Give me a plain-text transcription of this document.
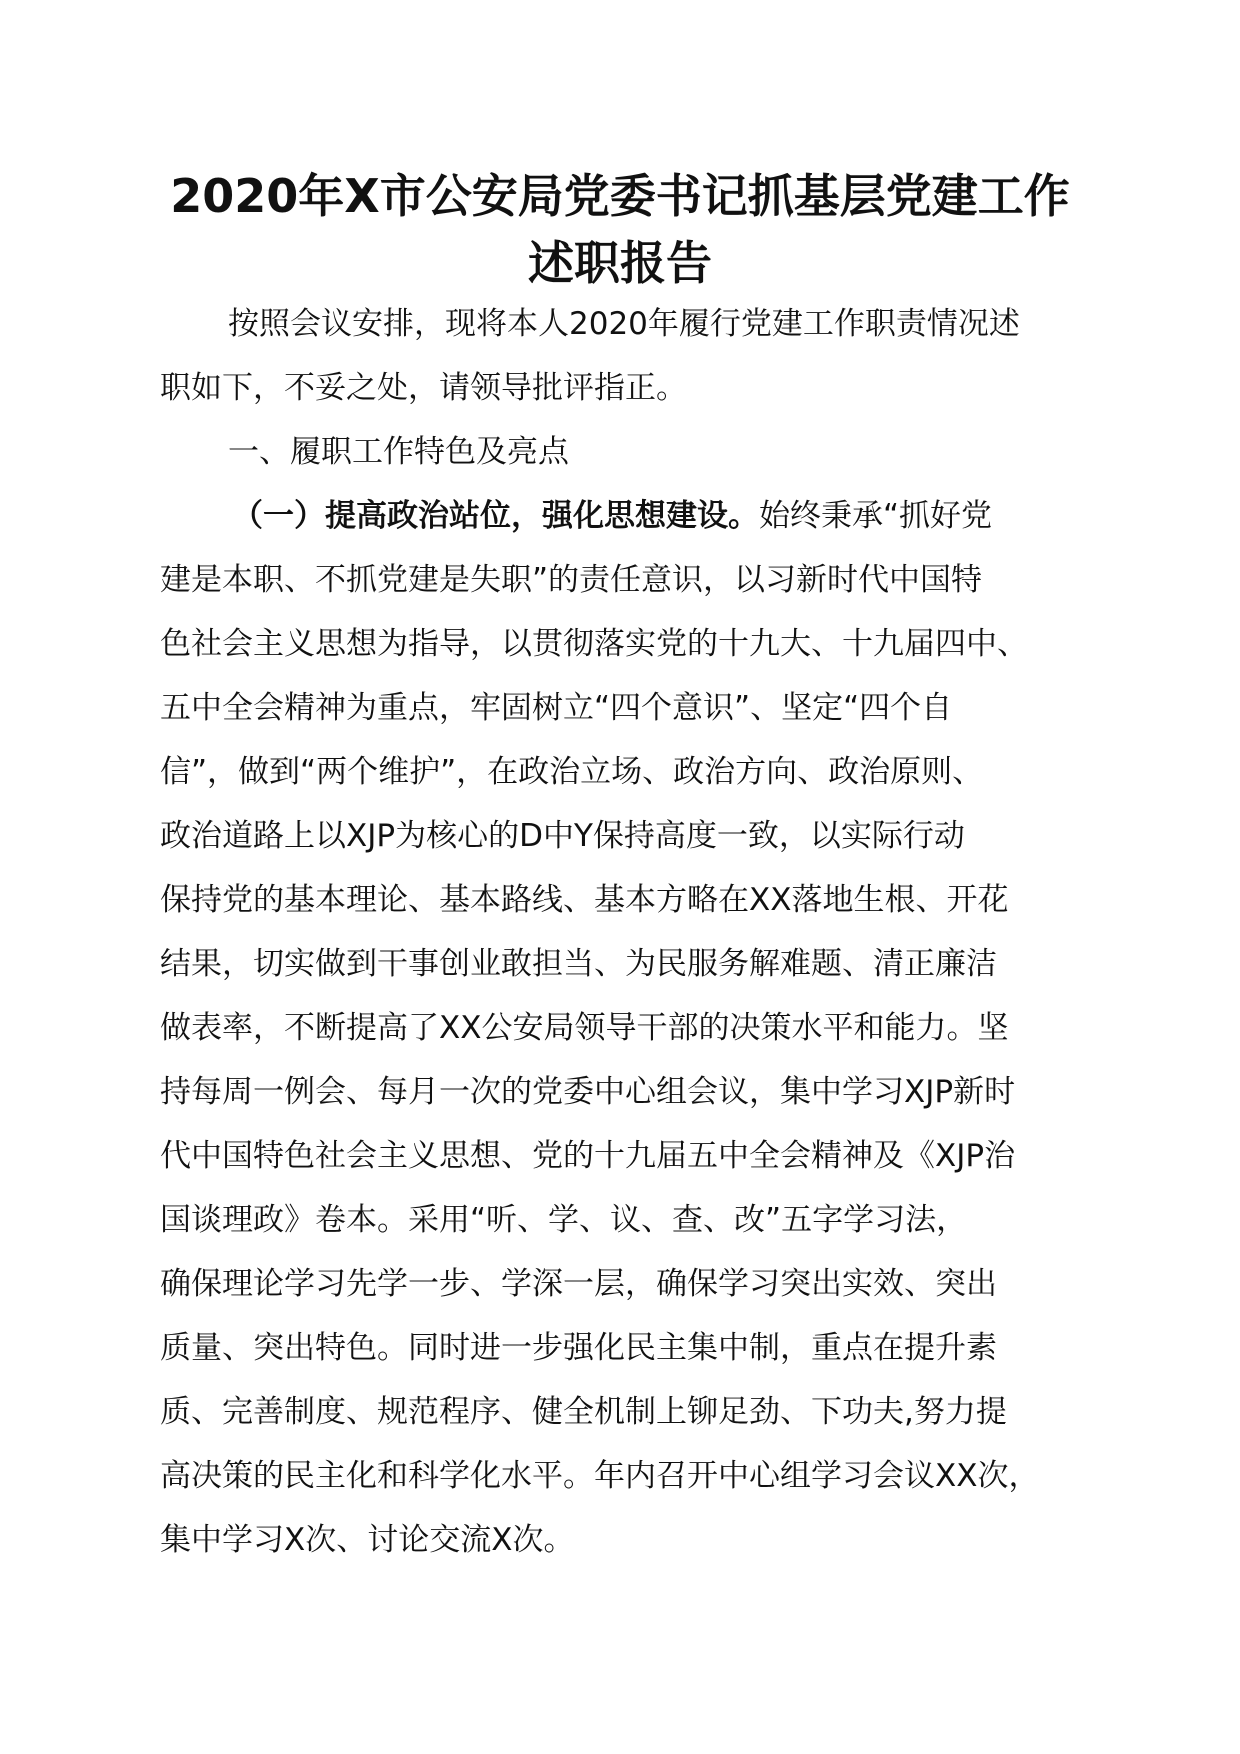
2020年X市公安局党委书记抓基层党建工作
述职报告
按照会议安排，现将本人2020年履行党建工作职责情况述
职如下，不妥之处，请领导批评指正。
一、履职工作特色及亮点
（一）提高政治站位，强化思想建设。始终秉承“抓好党
建是本职、不抓党建是失职”的责任意识，以习新时代中国特
色社会主义思想为指导，以贯彻落实党的十九大、十九届四中、
五中全会精神为重点，牢固树立“四个意识”、坚定“四个自
信”，做到“两个维护”，在政治立场、政治方向、政治原则、
政治道路上以XJP为核心的D中Y保持高度一致，以实际行动
保持党的基本理论、基本路线、基本方略在XX落地生根、开花
结果，切实做到干事创业敢担当、为民服务解难题、清正廉洁
做表率，不断提高了XX公安局领导干部的决策水平和能力。坚
持每周一例会、每月一次的党委中心组会议，集中学习XJP新时
代中国特色社会主义思想、党的十九届五中全会精神及《XJP治
国谈理政》卷本。采用“听、学、议、查、改”五字学习法，
确保理论学习先学一步、学深一层，确保学习突出实效、突出
质量、突出特色。同时进一步强化民主集中制，重点在提升素
质、完善制度、规范程序、健全机制上铆足劲、下功夫,努力提
高决策的民主化和科学化水平。年内召开中心组学习会议XX次，
集中学习X次、讨论交流X次。
